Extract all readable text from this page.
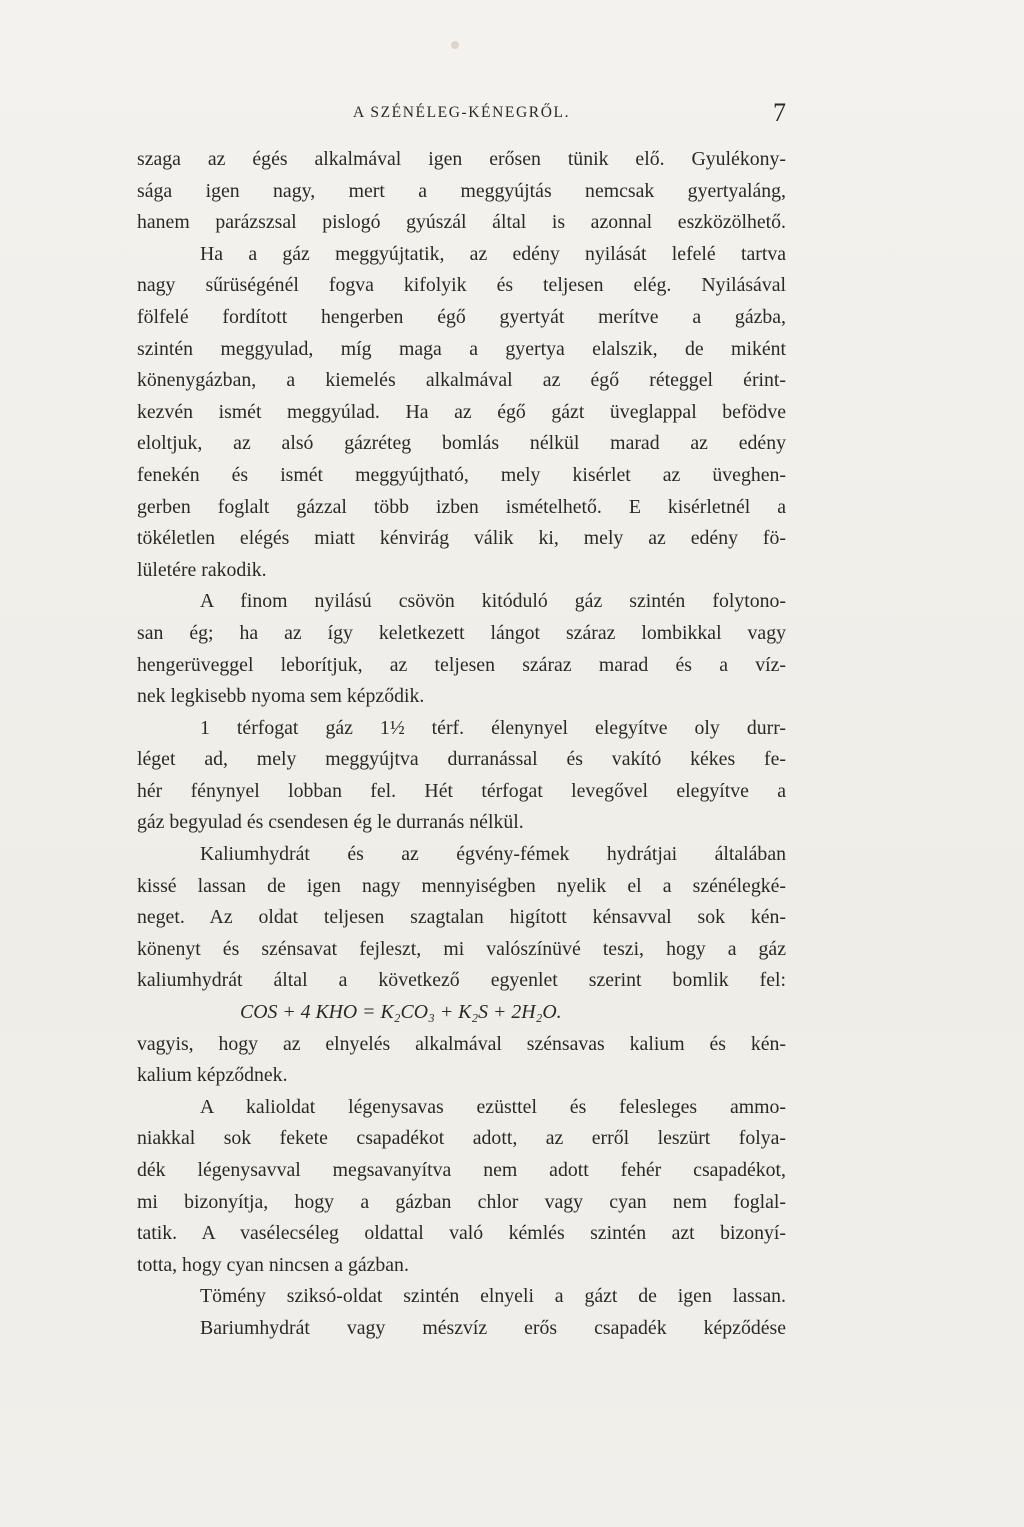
A SZÉNÉLEG-KÉNEGRŐL.	7
szaga az égés alkalmával igen erősen tünik elő. Gyulékony-
sága igen nagy, mert a meggyújtás nemcsak gyertyaláng,
hanem parázszsal pislogó gyúszál által is azonnal eszközölhető.
Ha a gáz meggyújtatik, az edény nyilását lefelé tartva
nagy sűrüségénél fogva kifolyik és teljesen elég. Nyilásával
fölfelé fordított hengerben égő gyertyát merítve a gázba,
szintén meggyulad, míg maga a gyertya elalszik, de miként
könenygázban, a kiemelés alkalmával az égő réteggel érint-
kezvén ismét meggyúlad. Ha az égő gázt üveglappal befödve
eloltjuk, az alsó gázréteg bomlás nélkül marad az edény
fenekén és ismét meggyújtható, mely kisérlet az üveghen-
gerben foglalt gázzal több izben ismételhető. E kisérletnél a
tökéletlen elégés miatt kénvirág válik ki, mely az edény fö-
lületére rakodik.
A finom nyilású csövön kitóduló gáz szintén folytono-
san ég; ha az így keletkezett lángot száraz lombikkal vagy
hengerüveggel leborítjuk, az teljesen száraz marad és a víz-
nek legkisebb nyoma sem képződik.
1 térfogat gáz 1½ térf. élenynyel elegyítve oly durr-
léget ad, mely meggyújtva durranással és vakító kékes fe-
hér fénynyel lobban fel. Hét térfogat levegővel elegyítve a
gáz begyulad és csendesen ég le durranás nélkül.
Kaliumhydrát és az égvény-fémek hydrátjai általában
kissé lassan de igen nagy mennyiségben nyelik el a szénélegké-
neget. Az oldat teljesen szagtalan higított kénsavval sok kén-
könenyt és szénsavat fejleszt, mi valószínüvé teszi, hogy a gáz
kaliumhydrát által a következő egyenlet szerint bomlik fel:
COS + 4 KHO = K₂CO₃ + K₂S + 2H₂O.
vagyis, hogy az elnyelés alkalmával szénsavas kalium és kén-
kalium képződnek.
A kalioldat légenysavas ezüsttel és felesleges ammo-
niakkal sok fekete csapadékot adott, az erről leszürt folya-
dék légenysavval megsavanyítva nem adott fehér csapadékot,
mi bizonyítja, hogy a gázban chlor vagy cyan nem foglal-
tatik. A vasélecséleg oldattal való kémlés szintén azt bizonyí-
totta, hogy cyan nincsen a gázban.
Tömény sziksó-oldat szintén elnyeli a gázt de igen lassan.
Bariumhydrát vagy mészvíz erős csapadék képződése
